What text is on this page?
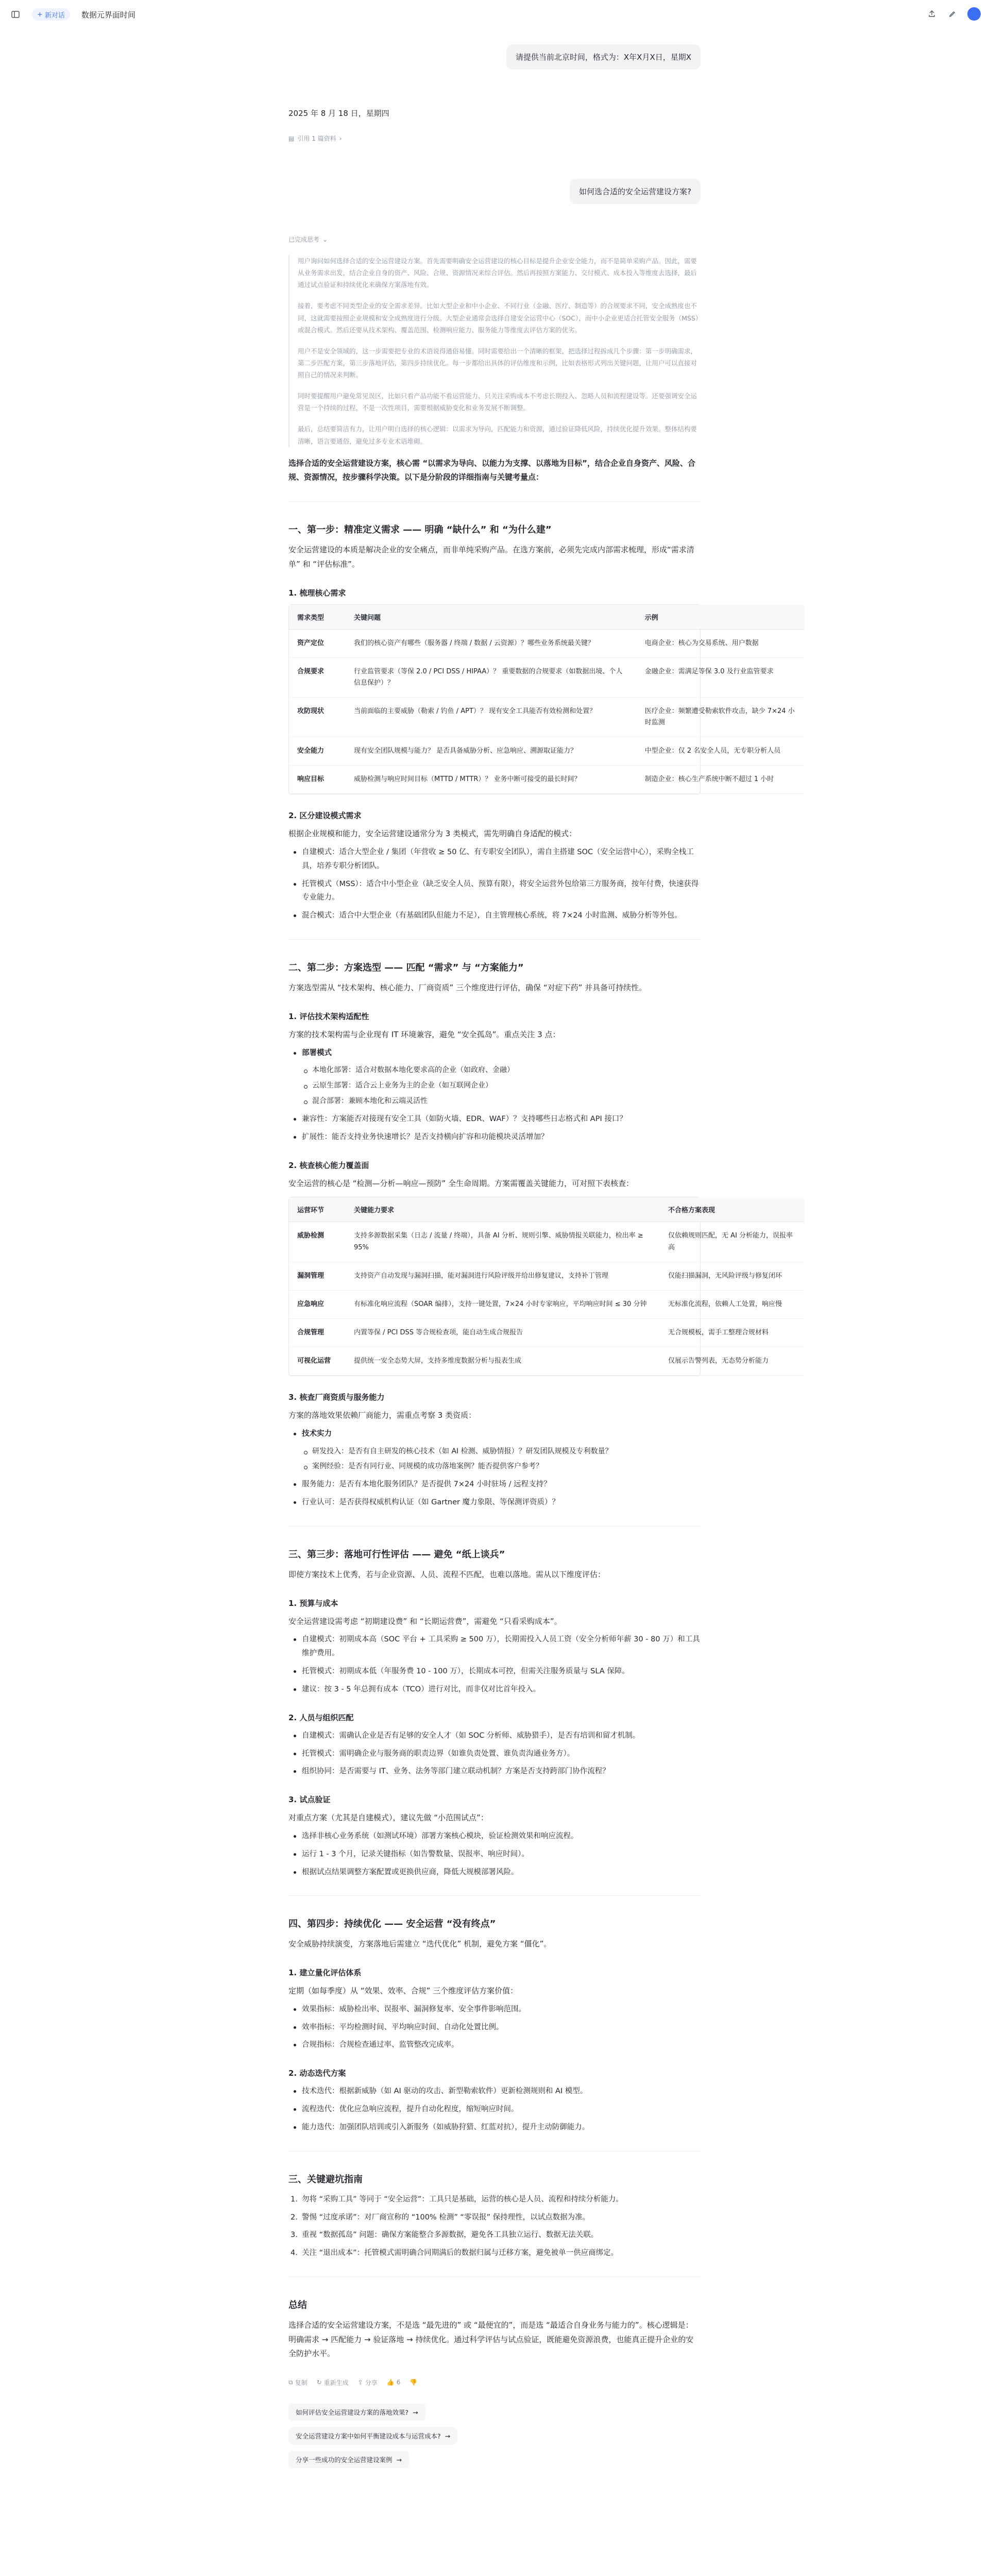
+ 新对话 数据元界面时间
请提供当前北京时间，格式为：X年X月X日，星期X

2025 年 8 月 18 日，星期四

▤ 引用 1 篇资料 ›
如何选合适的安全运营建设方案?
已完成思考 ⌄

用户询问如何选择合适的安全运营建设方案。首先需要明确安全运营建设的核心目标是提升企业安全能力，而不是简单采购产品。因此，需要从业务需求出发，结合企业自身的资产、风险、合规、资源情况来综合评估。然后再按照方案能力、交付模式、成本投入等维度去选择，最后通过试点验证和持续优化来确保方案落地有效。

接着，要考虑不同类型企业的安全需求差异。比如大型企业和中小企业、不同行业（金融、医疗、制造等）的合规要求不同，安全成熟度也不同，这就需要按照企业规模和安全成熟度进行分级。大型企业通常会选择自建安全运营中心（SOC），而中小企业更适合托管安全服务（MSS）或混合模式。然后还要从技术架构、覆盖范围、检测响应能力、服务能力等维度去评估方案的优劣。

用户不是安全领域的，这一步需要把专业的术语说得通俗易懂。同时需要给出一个清晰的框架，把选择过程拆成几个步骤：第一步明确需求，第二步匹配方案，第三步落地评估，第四步持续优化。每一步都给出具体的评估维度和示例，比如表格形式列出关键问题，让用户可以直接对照自己的情况来判断。

同时要提醒用户避免常见误区，比如只看产品功能不看运营能力、只关注采购成本不考虑长期投入、忽略人员和流程建设等。还要强调安全运营是一个持续的过程，不是一次性项目，需要根据威胁变化和业务发展不断调整。

最后，总结要简洁有力，让用户明白选择的核心逻辑：以需求为导向，匹配能力和资源，通过验证降低风险，持续优化提升效果。整体结构要清晰，语言要通俗，避免过多专业术语堆砌。

选择合适的安全运营建设方案，核心需 “以需求为导向、以能力为支撑、以落地为目标”，结合企业自身资产、风险、合规、资源情况，按步骤科学决策。以下是分阶段的详细指南与关键考量点：

一、第一步：精准定义需求 —— 明确 “缺什么” 和 “为什么建”

安全运营建设的本质是解决企业的安全痛点，而非单纯采购产品。在选方案前，必须先完成内部需求梳理，形成“需求清单” 和 “评估标准”。

1. 梳理核心需求
需求类型	关键问题	示例
资产定位	我们的核心资产有哪些（服务器 / 终端 / 数据 / 云资源）？哪些业务系统最关键？	电商企业：核心为交易系统、用户数据
合规要求	行业监管要求（等保 2.0 / PCI DSS / HIPAA）？ 重要数据的合规要求（如数据出境、个人信息保护）？	金融企业：需满足等保 3.0 及行业监管要求
攻防现状	当前面临的主要威胁（勒索 / 钓鱼 / APT）？ 现有安全工具能否有效检测和处置？	医疗企业：频繁遭受勒索软件攻击，缺少 7×24 小时监测
安全能力	现有安全团队规模与能力？ 是否具备威胁分析、应急响应、溯源取证能力？	中型企业：仅 2 名安全人员，无专职分析人员
响应目标	威胁检测与响应时间目标（MTTD / MTTR）？ 业务中断可接受的最长时间？	制造企业：核心生产系统中断不超过 1 小时
2. 区分建设模式需求

根据企业规模和能力，安全运营建设通常分为 3 类模式，需先明确自身适配的模式：

自建模式：适合大型企业 / 集团（年营收 ≥ 50 亿、有专职安全团队），需自主搭建 SOC（安全运营中心），采购全栈工具，培养专职分析团队。
托管模式（MSS）：适合中小型企业（缺乏安全人员、预算有限），将安全运营外包给第三方服务商，按年付费，快速获得专业能力。
混合模式：适合中大型企业（有基础团队但能力不足），自主管理核心系统，将 7×24 小时监测、威胁分析等外包。
二、第二步：方案选型 —— 匹配 “需求” 与 “方案能力”

方案选型需从 “技术架构、核心能力、厂商资质” 三个维度进行评估，确保 “对症下药” 并具备可持续性。

1. 评估技术架构适配性

方案的技术架构需与企业现有 IT 环境兼容，避免 “安全孤岛”。重点关注 3 点：

部署模式
本地化部署：适合对数据本地化要求高的企业（如政府、金融）
云原生部署：适合云上业务为主的企业（如互联网企业）
混合部署：兼顾本地化和云端灵活性
兼容性：方案能否对接现有安全工具（如防火墙、EDR、WAF）？支持哪些日志格式和 API 接口？
扩展性：能否支持业务快速增长？是否支持横向扩容和功能模块灵活增加？
2. 核查核心能力覆盖面

安全运营的核心是 “检测—分析—响应—预防” 全生命周期。方案需覆盖关键能力，可对照下表核查：

运营环节	关键能力要求	不合格方案表现
威胁检测	支持多源数据采集（日志 / 流量 / 终端），具备 AI 分析、规则引擎、威胁情报关联能力，检出率 ≥ 95%	仅依赖规则匹配，无 AI 分析能力，误报率高
漏洞管理	支持资产自动发现与漏洞扫描，能对漏洞进行风险评级并给出修复建议，支持补丁管理	仅能扫描漏洞，无风险评级与修复闭环
应急响应	有标准化响应流程（SOAR 编排），支持一键处置，7×24 小时专家响应，平均响应时间 ≤ 30 分钟	无标准化流程，依赖人工处置，响应慢
合规管理	内置等保 / PCI DSS 等合规检查项，能自动生成合规报告	无合规模板，需手工整理合规材料
可视化运营	提供统一安全态势大屏，支持多维度数据分析与报表生成	仅展示告警列表，无态势分析能力
3. 核查厂商资质与服务能力

方案的落地效果依赖厂商能力，需重点考察 3 类资质：

技术实力
研发投入：是否有自主研发的核心技术（如 AI 检测、威胁情报）？研发团队规模及专利数量？
案例经验：是否有同行业、同规模的成功落地案例？能否提供客户参考？
服务能力：是否有本地化服务团队？是否提供 7×24 小时驻场 / 远程支持？
行业认可：是否获得权威机构认证（如 Gartner 魔力象限、等保测评资质）？
三、第三步：落地可行性评估 —— 避免 “纸上谈兵”

即使方案技术上优秀，若与企业资源、人员、流程不匹配，也难以落地。需从以下维度评估：

1. 预算与成本

安全运营建设需考虑 “初期建设费” 和 “长期运营费”，需避免 “只看采购成本”。

自建模式：初期成本高（SOC 平台 + 工具采购 ≥ 500 万），长期需投入人员工资（安全分析师年薪 30 - 80 万）和工具维护费用。
托管模式：初期成本低（年服务费 10 - 100 万），长期成本可控，但需关注服务质量与 SLA 保障。
建议：按 3 - 5 年总拥有成本（TCO）进行对比，而非仅对比首年投入。
2. 人员与组织匹配
自建模式：需确认企业是否有足够的安全人才（如 SOC 分析师、威胁猎手），是否有培训和留才机制。
托管模式：需明确企业与服务商的职责边界（如谁负责处置、谁负责沟通业务方）。
组织协同：是否需要与 IT、业务、法务等部门建立联动机制？方案是否支持跨部门协作流程？
3. 试点验证

对重点方案（尤其是自建模式），建议先做 “小范围试点”：

选择非核心业务系统（如测试环境）部署方案核心模块，验证检测效果和响应流程。
运行 1 - 3 个月，记录关键指标（如告警数量、误报率、响应时间）。
根据试点结果调整方案配置或更换供应商，降低大规模部署风险。
四、第四步：持续优化 —— 安全运营 “没有终点”

安全威胁持续演变，方案落地后需建立 “迭代优化” 机制，避免方案 “僵化”。

1. 建立量化评估体系

定期（如每季度）从 “效果、效率、合规” 三个维度评估方案价值：

效果指标：威胁检出率、误报率、漏洞修复率、安全事件影响范围。
效率指标：平均检测时间、平均响应时间、自动化处置比例。
合规指标：合规检查通过率、监管整改完成率。
2. 动态迭代方案
技术迭代：根据新威胁（如 AI 驱动的攻击、新型勒索软件）更新检测规则和 AI 模型。
流程迭代：优化应急响应流程，提升自动化程度，缩短响应时间。
能力迭代：加强团队培训或引入新服务（如威胁狩猎、红蓝对抗），提升主动防御能力。
三、关键避坑指南
1. 勿将 “采购工具” 等同于 “安全运营”：工具只是基础，运营的核心是人员、流程和持续分析能力。
2. 警惕 “过度承诺”：对厂商宣称的 “100% 检测” “零误报” 保持理性，以试点数据为准。
3. 重视 “数据孤岛” 问题：确保方案能整合多源数据，避免各工具独立运行、数据无法关联。
4. 关注 “退出成本”：托管模式需明确合同期满后的数据归属与迁移方案，避免被单一供应商绑定。
总结

选择合适的安全运营建设方案，不是选 “最先进的” 或 “最便宜的”，而是选 “最适合自身业务与能力的”。核心逻辑是：明确需求 → 匹配能力 → 验证落地 → 持续优化。通过科学评估与试点验证，既能避免资源浪费，也能真正提升企业的安全防护水平。

⧉ 复制 ↻ 重新生成 ⇪ 分享 👍 6 👎
如何评估安全运营建设方案的落地效果? →
安全运营建设方案中如何平衡建设成本与运营成本? →
分享一些成功的安全运营建设案例 →
